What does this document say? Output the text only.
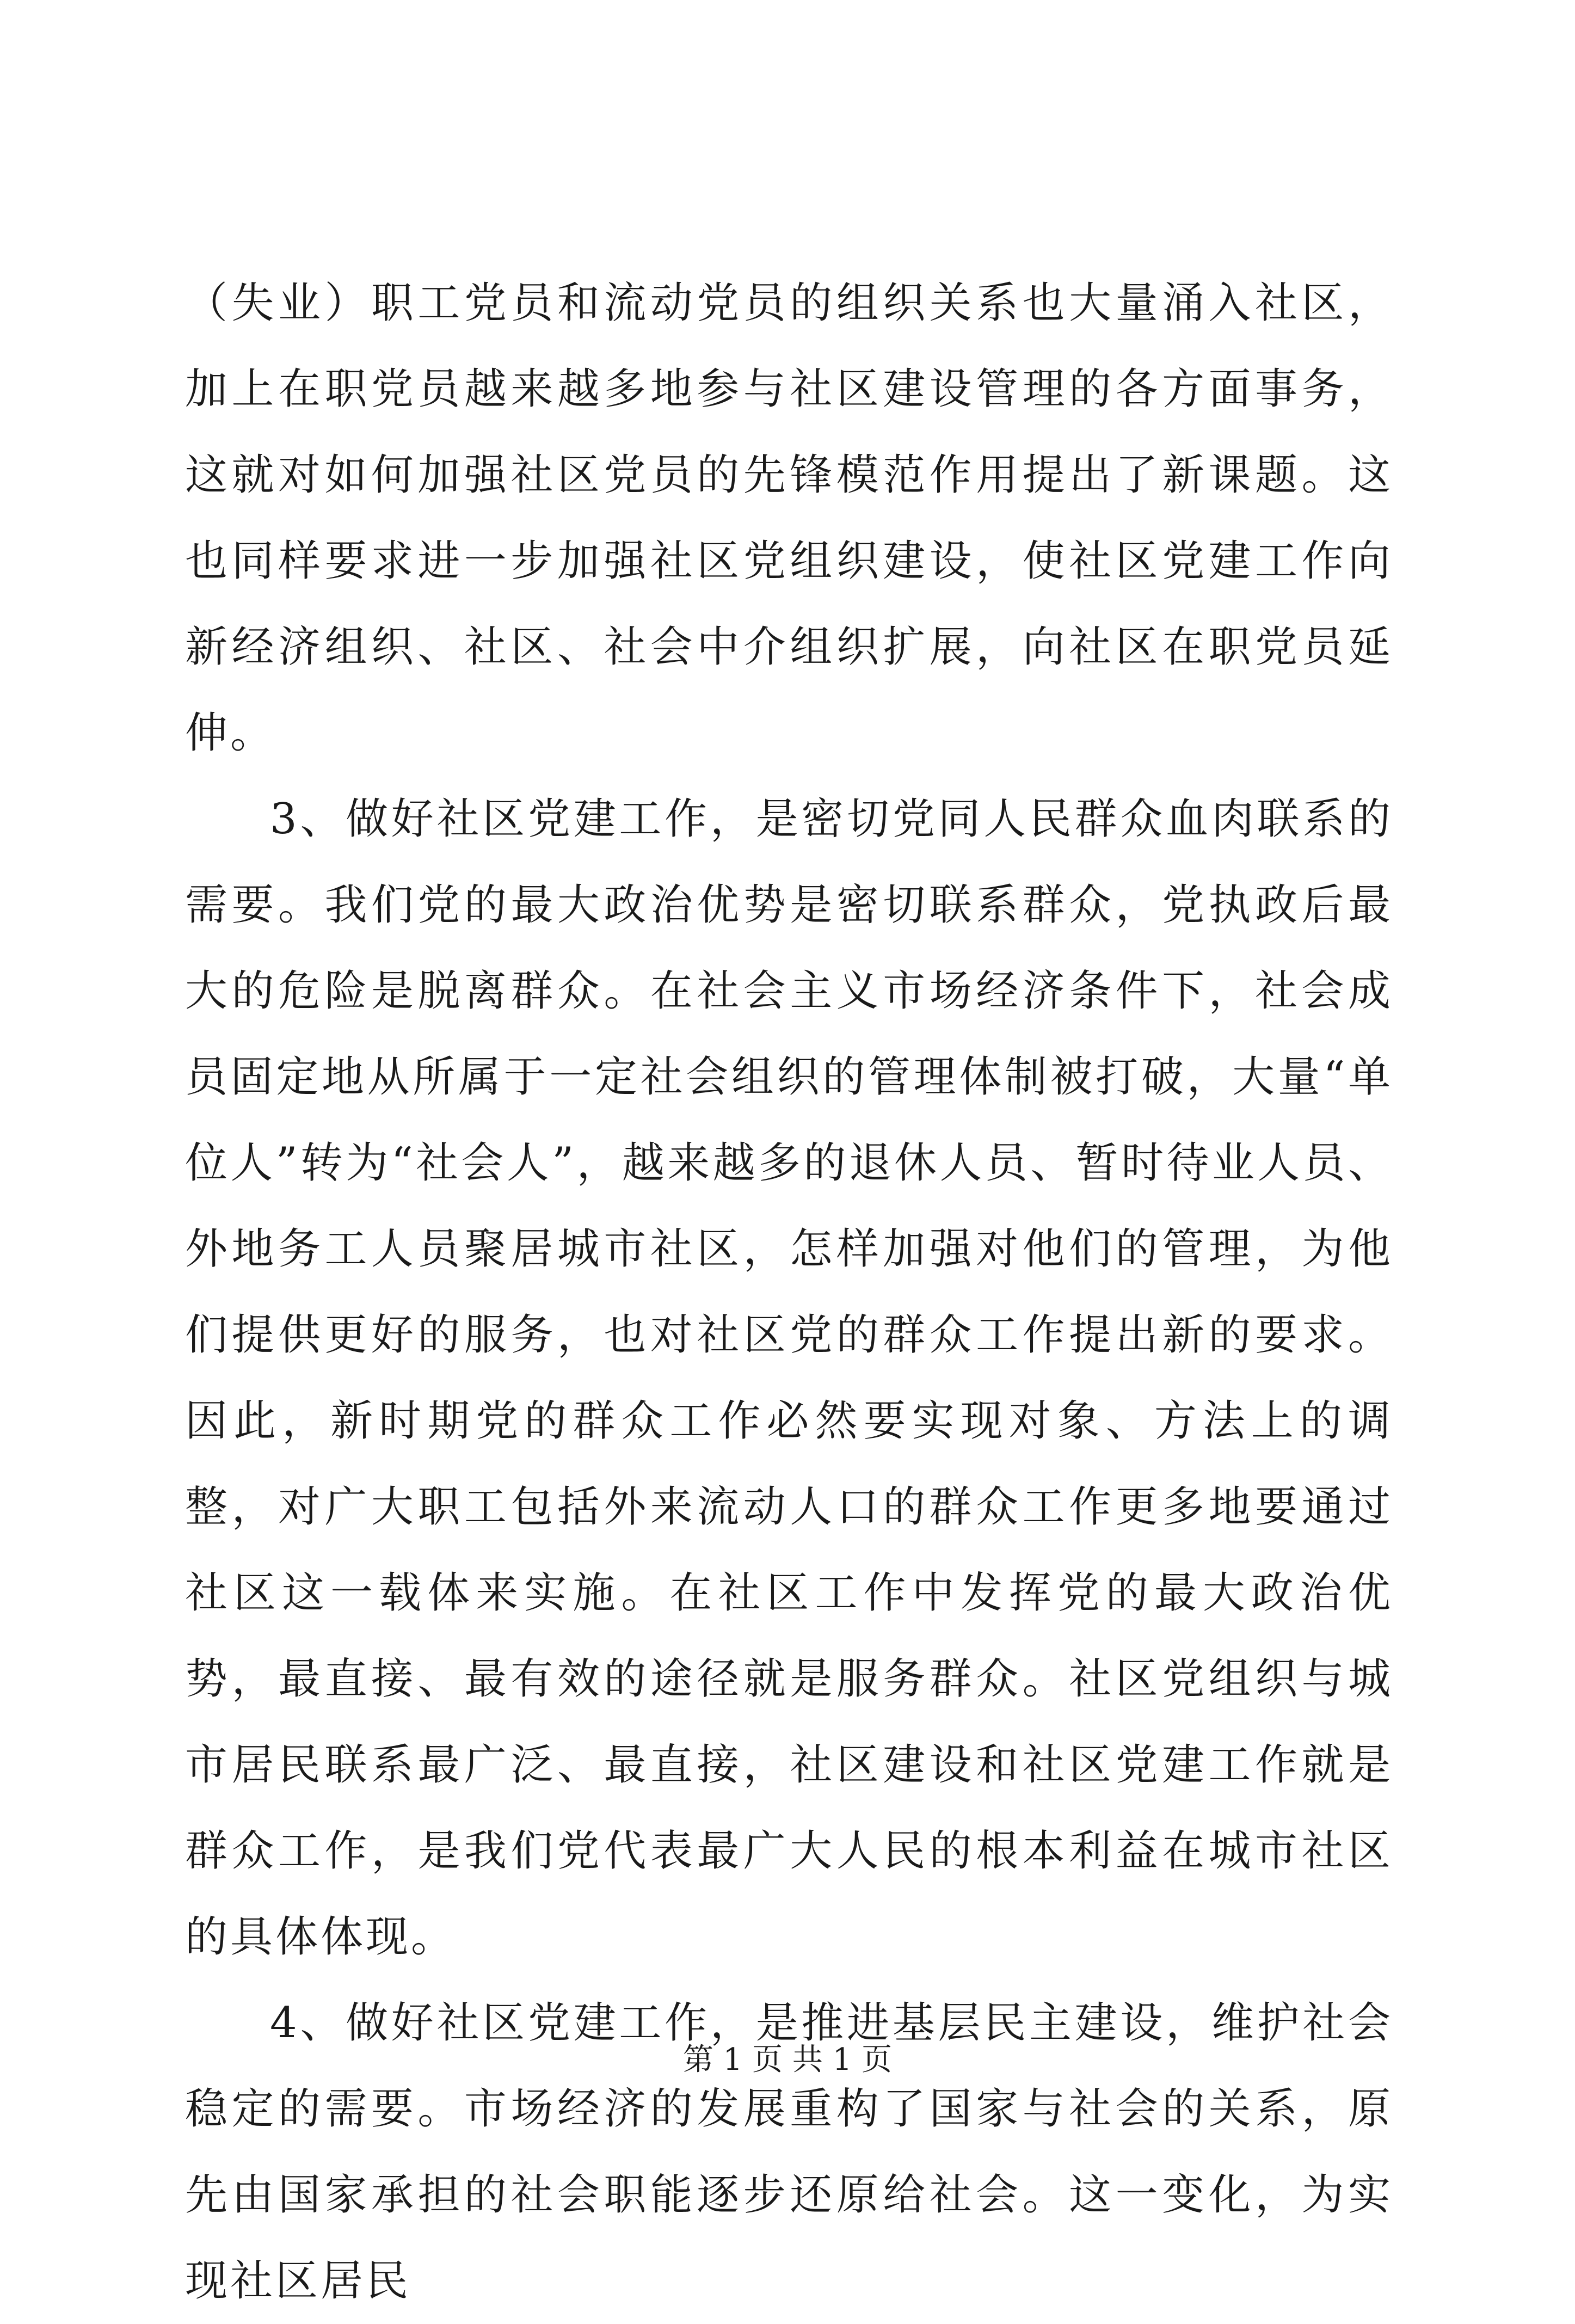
（失业）职工党员和流动党员的组织关系也大量涌入社区，加上在职党员越来越多地参与社区建设管理的各方面事务，这就对如何加强社区党员的先锋模范作用提出了新课题。这也同样要求进一步加强社区党组织建设，使社区党建工作向新经济组织、社区、社会中介组织扩展，向社区在职党员延伸。

3、做好社区党建工作，是密切党同人民群众血肉联系的需要。我们党的最大政治优势是密切联系群众，党执政后最大的危险是脱离群众。在社会主义市场经济条件下，社会成员固定地从所属于一定社会组织的管理体制被打破，大量“单位人”转为“社会人”，越来越多的退休人员、暂时待业人员、外地务工人员聚居城市社区，怎样加强对他们的管理，为他们提供更好的服务，也对社区党的群众工作提出新的要求。因此，新时期党的群众工作必然要实现对象、方法上的调整，对广大职工包括外来流动人口的群众工作更多地要通过社区这一载体来实施。在社区工作中发挥党的最大政治优势，最直接、最有效的途径就是服务群众。社区党组织与城市居民联系最广泛、最直接，社区建设和社区党建工作就是群众工作，是我们党代表最广大人民的根本利益在城市社区的具体体现。

4、做好社区党建工作，是推进基层民主建设，维护社会稳定的需要。市场经济的发展重构了国家与社会的关系，原先由国家承担的社会职能逐步还原给社会。这一变化，为实现社区居民

第 1 页 共 1 页
